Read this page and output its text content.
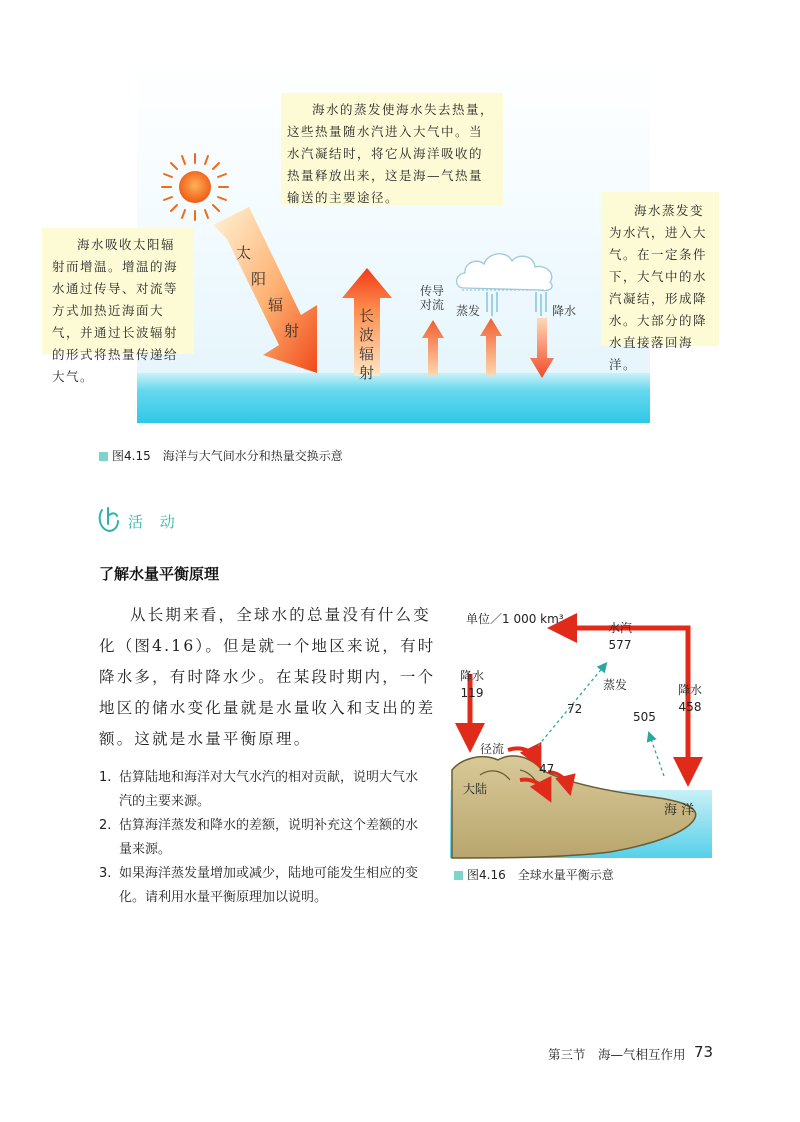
太
阳
辐
射
长
波
辐
射
传导
对流 蒸发	降水

海水吸收太阳辐射而增温。增温的海水通过传导、对流等方式加热近海面大气，并通过长波辐射的形式将热量传递给大气。

海水的蒸发使海水失去热量，这些热量随水汽进入大气中。当水汽凝结时，将它从海洋吸收的热量释放出来，这是海—气热量输送的主要途径。

海水蒸发变为水汽，进入大气。在一定条件下，大气中的水汽凝结，形成降水。大部分的降水直接落回海洋。

图4.15　海洋与大气间水分和热量交换示意
活 动
了解水量平衡原理

从长期来看，全球水的总量没有什么变化（图4.16）。但是就一个地区来说，有时降水多，有时降水少。在某段时期内，一个地区的储水变化量就是水量收入和支出的差额。这就是水量平衡原理。

1. 估算陆地和海洋对大气水汽的相对贡献，说明大气水汽的主要来源。
2. 估算海洋蒸发和降水的差额，说明补充这个差额的水量来源。
3. 如果海洋蒸发量增加或减少，陆地可能发生相应的变化。请利用水量平衡原理加以说明。
单位／1 000 km³
水汽
577
降水
119	降水
458
蒸发
72
505
径流
47
大陆
海 洋
图4.16　全球水量平衡示意
第三节　海—气相互作用 73
